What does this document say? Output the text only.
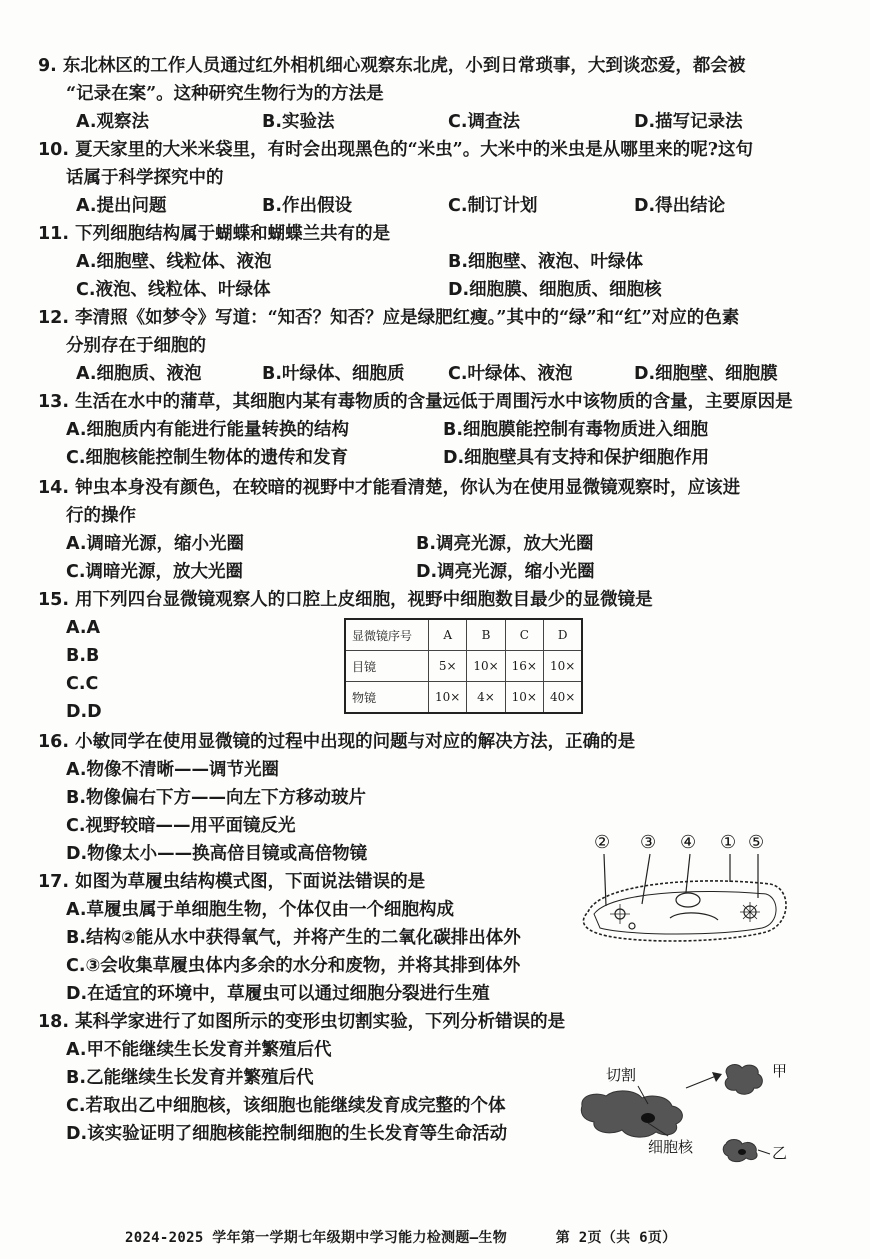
9. 东北林区的工作人员通过红外相机细心观察东北虎，小到日常琐事，大到谈恋爱，都会被
“记录在案”。这种研究生物行为的方法是
A.观察法	B.实验法	C.调查法	D.描写记录法
10. 夏天家里的大米米袋里，有时会出现黑色的“米虫”。大米中的米虫是从哪里来的呢?这句
话属于科学探究中的
A.提出问题	B.作出假设	C.制订计划	D.得出结论
11. 下列细胞结构属于蝴蝶和蝴蝶兰共有的是
A.细胞壁、线粒体、液泡	B.细胞壁、液泡、叶绿体
C.液泡、线粒体、叶绿体	D.细胞膜、细胞质、细胞核
12. 李清照《如梦令》写道：“知否？知否？应是绿肥红瘦。”其中的“绿”和“红”对应的色素
分别存在于细胞的
A.细胞质、液泡	B.叶绿体、细胞质	C.叶绿体、液泡	D.细胞壁、细胞膜
13. 生活在水中的蒲草，其细胞内某有毒物质的含量远低于周围污水中该物质的含量，主要原因是
A.细胞质内有能进行能量转换的结构	B.细胞膜能控制有毒物质进入细胞
C.细胞核能控制生物体的遗传和发育	D.细胞壁具有支持和保护细胞作用
14. 钟虫本身没有颜色，在较暗的视野中才能看清楚，你认为在使用显微镜观察时，应该进
行的操作
A.调暗光源，缩小光圈	B.调亮光源，放大光圈
C.调暗光源，放大光圈	D.调亮光源，缩小光圈
15. 用下列四台显微镜观察人的口腔上皮细胞，视野中细胞数目最少的显微镜是
A.A
B.B
C.C
D.D
显微镜序号	A	B	C	D
目镜	5×	10×	16×	10×
物镜	10×	4×	10×	40×
16. 小敏同学在使用显微镜的过程中出现的问题与对应的解决方法，正确的是
A.物像不清晰——调节光圈
B.物像偏右下方——向左下方移动玻片
C.视野较暗——用平面镜反光
D.物像太小——换高倍目镜或高倍物镜
② ③ ④ ① ⑤
17. 如图为草履虫结构模式图，下面说法错误的是
A.草履虫属于单细胞生物，个体仅由一个细胞构成
B.结构②能从水中获得氧气，并将产生的二氧化碳排出体外
C.③会收集草履虫体内多余的水分和废物，并将其排到体外
D.在适宜的环境中，草履虫可以通过细胞分裂进行生殖
18. 某科学家进行了如图所示的变形虫切割实验，下列分析错误的是
A.甲不能继续生长发育并繁殖后代
B.乙能继续生长发育并繁殖后代
C.若取出乙中细胞核，该细胞也能继续发育成完整的个体
D.该实验证明了细胞核能控制细胞的生长发育等生命活动
切割	甲
细胞核	乙
2024-2025 学年第一学期七年级期中学习能力检测题—生物	第 2页（共 6页）
